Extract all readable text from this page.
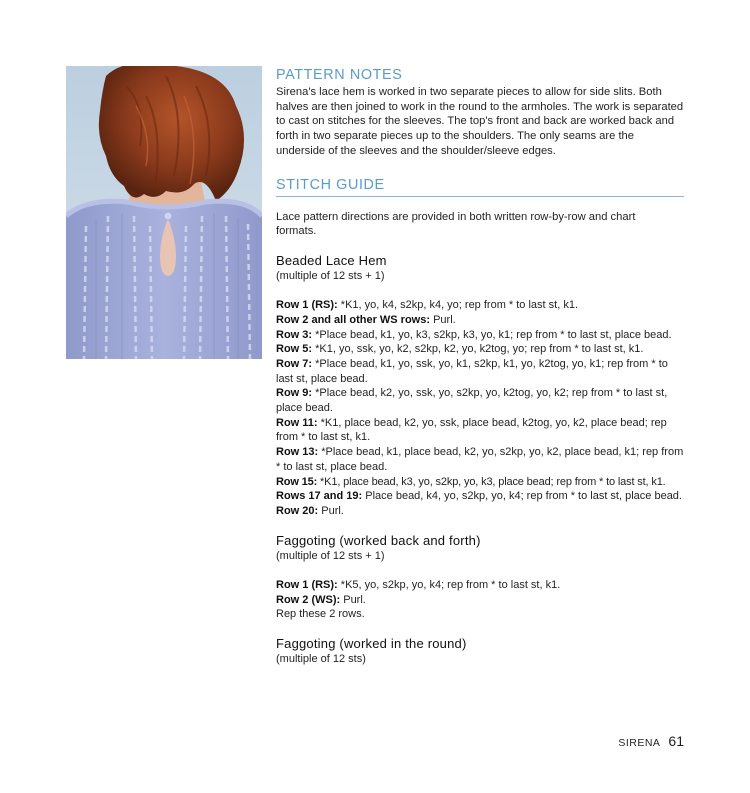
PATTERN NOTES

Sirena's lace hem is worked in two separate pieces to allow for side slits. Both halves are then joined to work in the round to the armholes. The work is separated to cast on stitches for the sleeves. The top's front and back are worked back and forth in two separate pieces up to the shoulders. The only seams are the underside of the sleeves and the shoulder/sleeve edges.

STITCH GUIDE

Lace pattern directions are provided in both written row-by-row and chart formats.

Beaded Lace Hem

(multiple of 12 sts + 1)

Row 1 (RS): *K1, yo, k4, s2kp, k4, yo; rep from * to last st, k1.

Row 2 and all other WS rows: Purl.

Row 3: *Place bead, k1, yo, k3, s2kp, k3, yo, k1; rep from * to last st, place bead.

Row 5: *K1, yo, ssk, yo, k2, s2kp, k2, yo, k2tog, yo; rep from * to last st, k1.

Row 7: *Place bead, k1, yo, ssk, yo, k1, s2kp, k1, yo, k2tog, yo, k1; rep from * to last st, place bead.

Row 9: *Place bead, k2, yo, ssk, yo, s2kp, yo, k2tog, yo, k2; rep from * to last st, place bead.

Row 11: *K1, place bead, k2, yo, ssk, place bead, k2tog, yo, k2, place bead; rep from * to last st, k1.

Row 13: *Place bead, k1, place bead, k2, yo, s2kp, yo, k2, place bead, k1; rep from * to last st, place bead.

Row 15: *K1, place bead, k3, yo, s2kp, yo, k3, place bead; rep from * to last st, k1.

Rows 17 and 19: Place bead, k4, yo, s2kp, yo, k4; rep from * to last st, place bead.

Row 20: Purl.

Faggoting (worked back and forth)

(multiple of 12 sts + 1)

Row 1 (RS): *K5, yo, s2kp, yo, k4; rep from * to last st, k1.

Row 2 (WS): Purl.

Rep these 2 rows.

Faggoting (worked in the round)

(multiple of 12 sts)

SIRENA 61
